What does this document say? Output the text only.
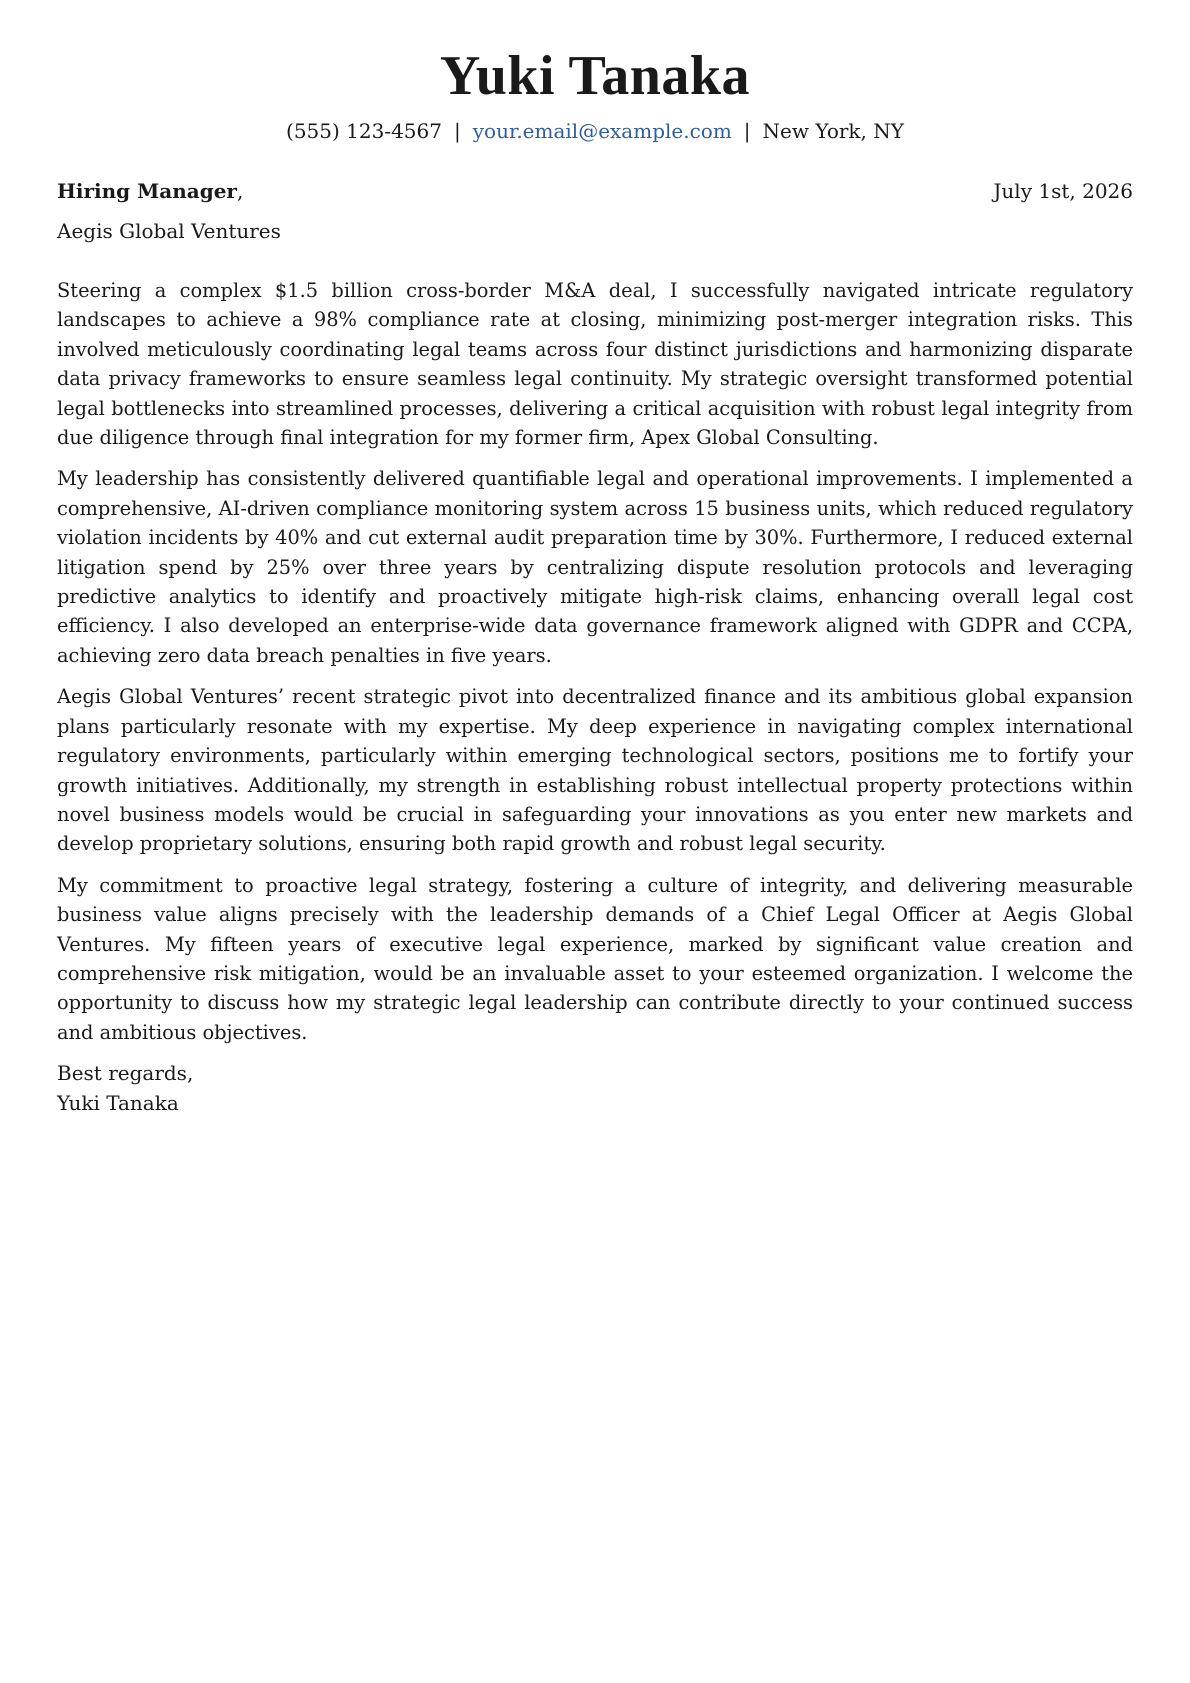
Yuki Tanaka
(555) 123-4567 | your.email@example.com | New York, NY
Hiring Manager,	July 1st, 2026
Aegis Global Ventures

Steering a complex $1.5 billion cross-border M&A deal, I successfully navigated intricate regulatory landscapes to achieve a 98% compliance rate at closing, minimizing post-merger integration risks. This involved meticulously coordinating legal teams across four distinct jurisdictions and harmonizing disparate data privacy frameworks to ensure seamless legal continuity. My strategic oversight transformed potential legal bottlenecks into streamlined processes, delivering a critical acquisition with robust legal integrity from due diligence through final integration for my former firm, Apex Global Consulting.

My leadership has consistently delivered quantifiable legal and operational improvements. I implemented a comprehensive, AI-driven compliance monitoring system across 15 business units, which reduced regulatory violation incidents by 40% and cut external audit preparation time by 30%. Furthermore, I reduced external litigation spend by 25% over three years by centralizing dispute resolution protocols and leveraging predictive analytics to identify and proactively mitigate high-risk claims, enhancing overall legal cost efficiency. I also developed an enterprise-wide data governance framework aligned with GDPR and CCPA, achieving zero data breach penalties in five years.

Aegis Global Ventures’ recent strategic pivot into decentralized finance and its ambitious global expansion plans particularly resonate with my expertise. My deep experience in navigating complex international regulatory environments, particularly within emerging technological sectors, positions me to fortify your growth initiatives. Additionally, my strength in establishing robust intellectual property protections within novel business models would be crucial in safeguarding your innovations as you enter new markets and develop proprietary solutions, ensuring both rapid growth and robust legal security.

My commitment to proactive legal strategy, fostering a culture of integrity, and delivering measurable business value aligns precisely with the leadership demands of a Chief Legal Officer at Aegis Global Ventures. My fifteen years of executive legal experience, marked by significant value creation and comprehensive risk mitigation, would be an invaluable asset to your esteemed organization. I welcome the opportunity to discuss how my strategic legal leadership can contribute directly to your continued success and ambitious objectives.

Best regards,
Yuki Tanaka
